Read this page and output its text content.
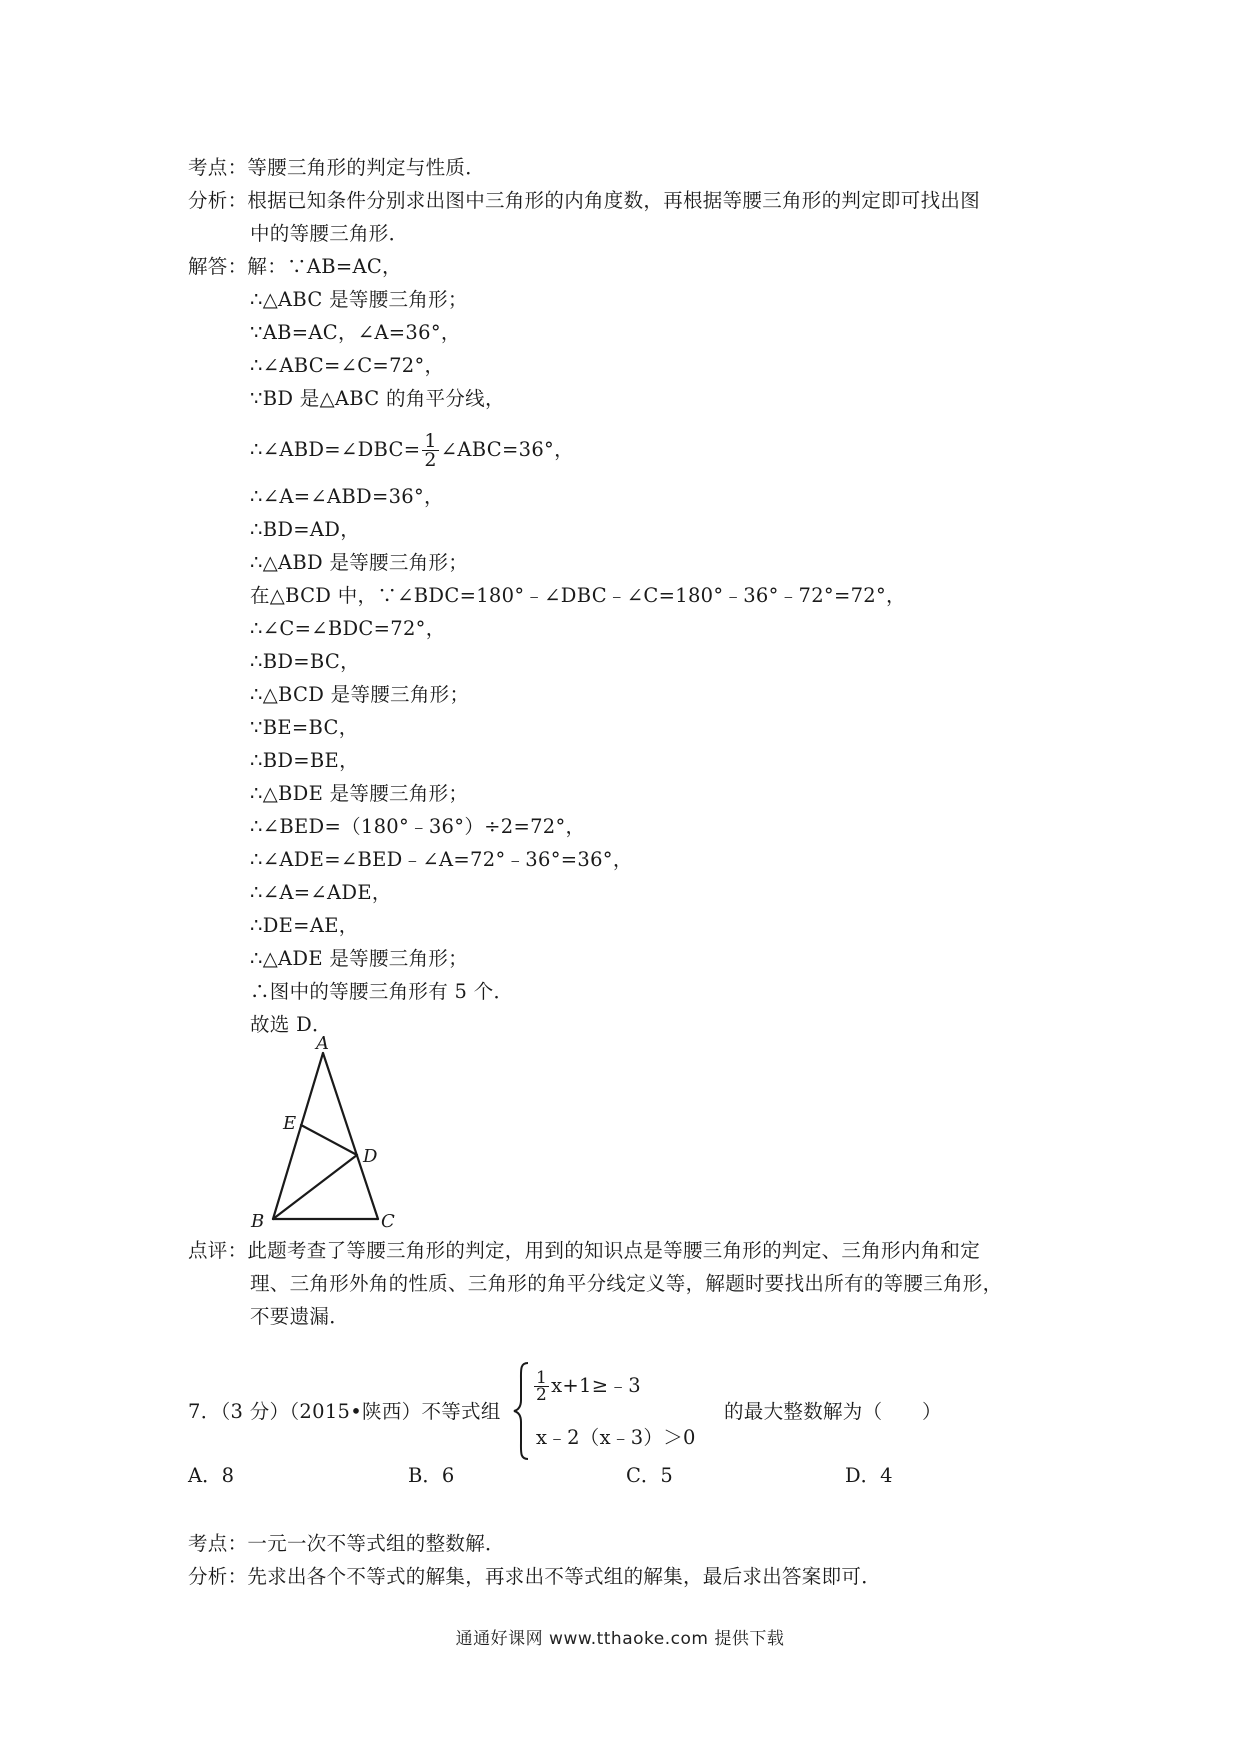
考点：等腰三角形的判定与性质．
分析：根据已知条件分别求出图中三角形的内角度数，再根据等腰三角形的判定即可找出图
中的等腰三角形．
解答：解：∵AB=AC，
∴△ABC 是等腰三角形；
∵AB=AC，∠A=36°，
∴∠ABC=∠C=72°，
∵BD 是△ABC 的角平分线，
∴∠ABD=∠DBC= $\frac{1}{2}$ ∠ABC=36°，
∴∠A=∠ABD=36°，
∴BD=AD，
∴△ABD 是等腰三角形；
在△BCD 中，∵∠BDC=180°﹣∠DBC﹣∠C=180°﹣36°﹣72°=72°，
∴∠C=∠BDC=72°，
∴BD=BC，
∴△BCD 是等腰三角形；
∵BE=BC，
∴BD=BE，
∴△BDE 是等腰三角形；
∴∠BED=（180°﹣36°）÷2=72°，
∴∠ADE=∠BED﹣∠A=72°﹣36°=36°，
∴∠A=∠ADE，
∴DE=AE，
∴△ADE 是等腰三角形；
∴图中的等腰三角形有 5 个．
故选 D．
A
E
D
B	C
点评：此题考查了等腰三角形的判定，用到的知识点是等腰三角形的判定、三角形内角和定
理、三角形外角的性质、三角形的角平分线定义等，解题时要找出所有的等腰三角形，
不要遗漏．
7．（3 分）（2015•陕西）不等式组
$\frac{1}{2}$ x+1≥﹣3
x﹣2（x﹣3）＞0
的最大整数解为（　　）
A．8	B．6	C．5	D．4
考点：一元一次不等式组的整数解．
分析：先求出各个不等式的解集，再求出不等式组的解集，最后求出答案即可．
通通好课网 www.tthaoke.com 提供下载
